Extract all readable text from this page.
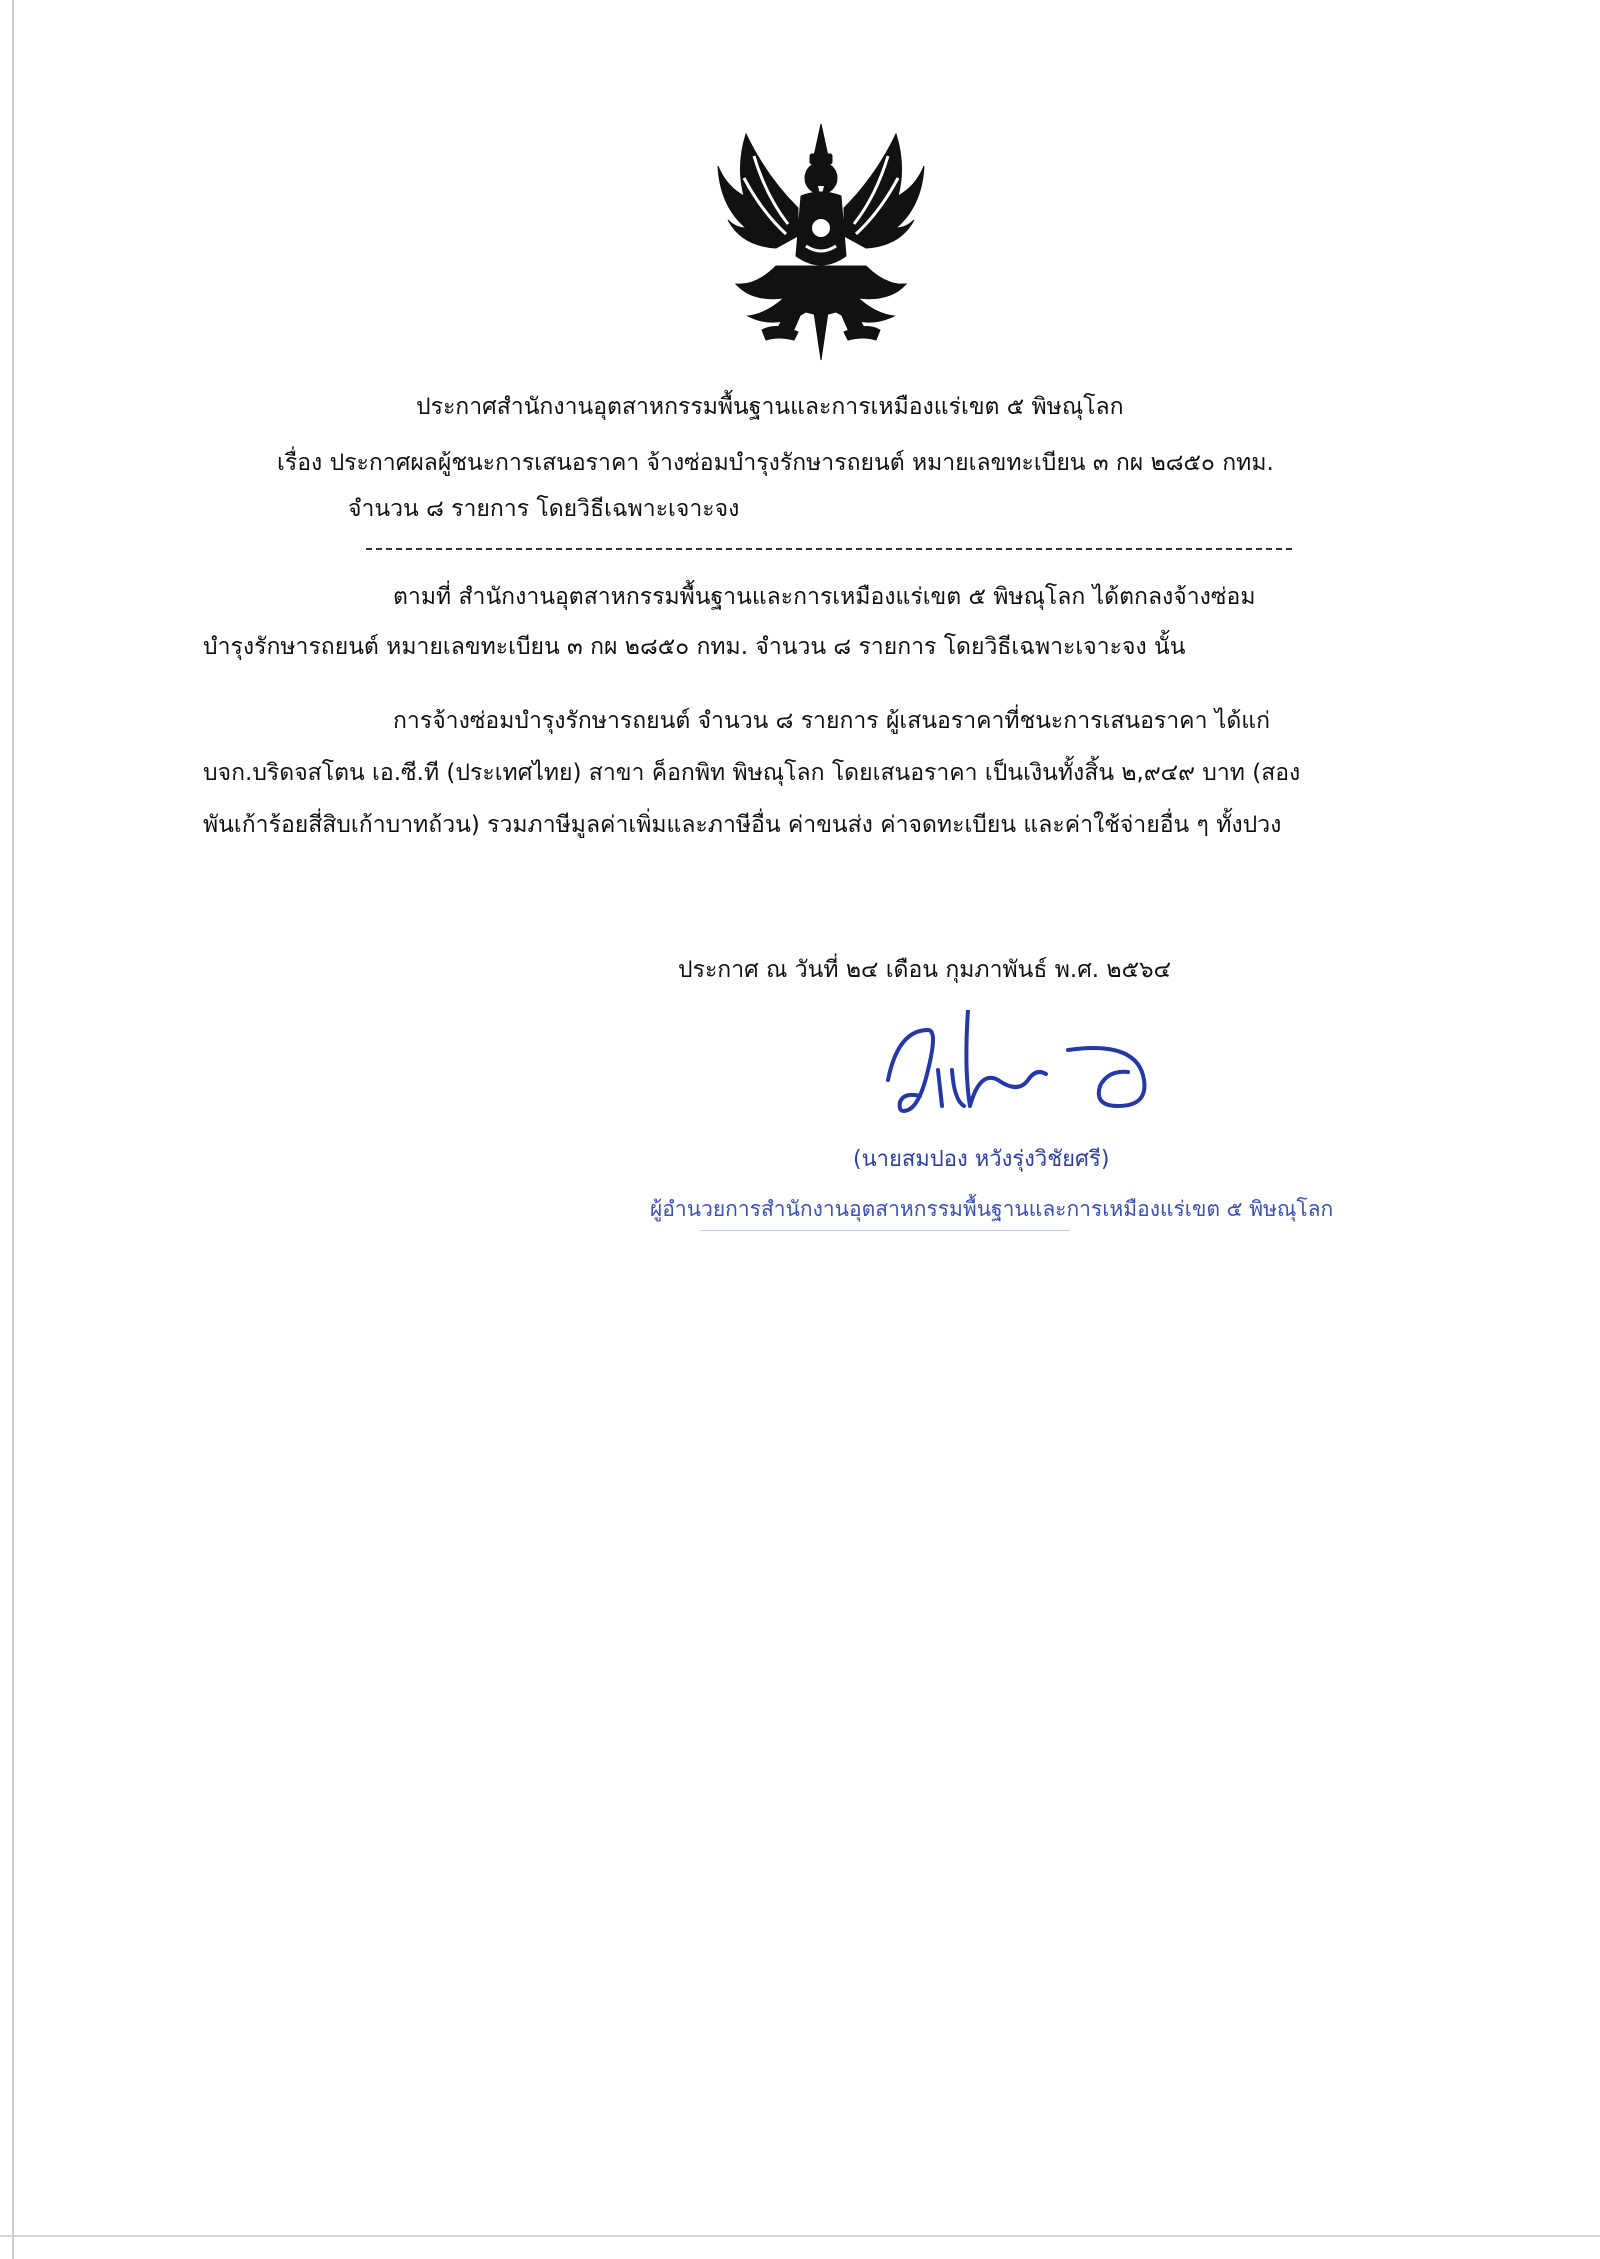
ประกาศสำนักงานอุตสาหกรรมพื้นฐานและการเหมืองแร่เขต ๕ พิษณุโลก
เรื่อง ประกาศผลผู้ชนะการเสนอราคา จ้างซ่อมบำรุงรักษารถยนต์ หมายเลขทะเบียน ๓ กผ ๒๘๕๐ กทม.
จำนวน ๘ รายการ โดยวิธีเฉพาะเจาะจง
ตามที่ สำนักงานอุตสาหกรรมพื้นฐานและการเหมืองแร่เขต ๕ พิษณุโลก ได้ตกลงจ้างซ่อม
บำรุงรักษารถยนต์ หมายเลขทะเบียน ๓ กผ ๒๘๕๐ กทม. จำนวน ๘ รายการ โดยวิธีเฉพาะเจาะจง นั้น
การจ้างซ่อมบำรุงรักษารถยนต์ จำนวน ๘ รายการ ผู้เสนอราคาที่ชนะการเสนอราคา ได้แก่
บจก.บริดจสโตน เอ.ซี.ที (ประเทศไทย) สาขา ค็อกพิท พิษณุโลก โดยเสนอราคา เป็นเงินทั้งสิ้น ๒,๙๔๙ บาท (สอง
พันเก้าร้อยสี่สิบเก้าบาทถ้วน) รวมภาษีมูลค่าเพิ่มและภาษีอื่น ค่าขนส่ง ค่าจดทะเบียน และค่าใช้จ่ายอื่น ๆ ทั้งปวง
ประกาศ ณ วันที่ ๒๔ เดือน กุมภาพันธ์ พ.ศ. ๒๕๖๔
(นายสมปอง หวังรุ่งวิชัยศรี)
ผู้อำนวยการสำนักงานอุตสาหกรรมพื้นฐานและการเหมืองแร่เขต ๕ พิษณุโลก
